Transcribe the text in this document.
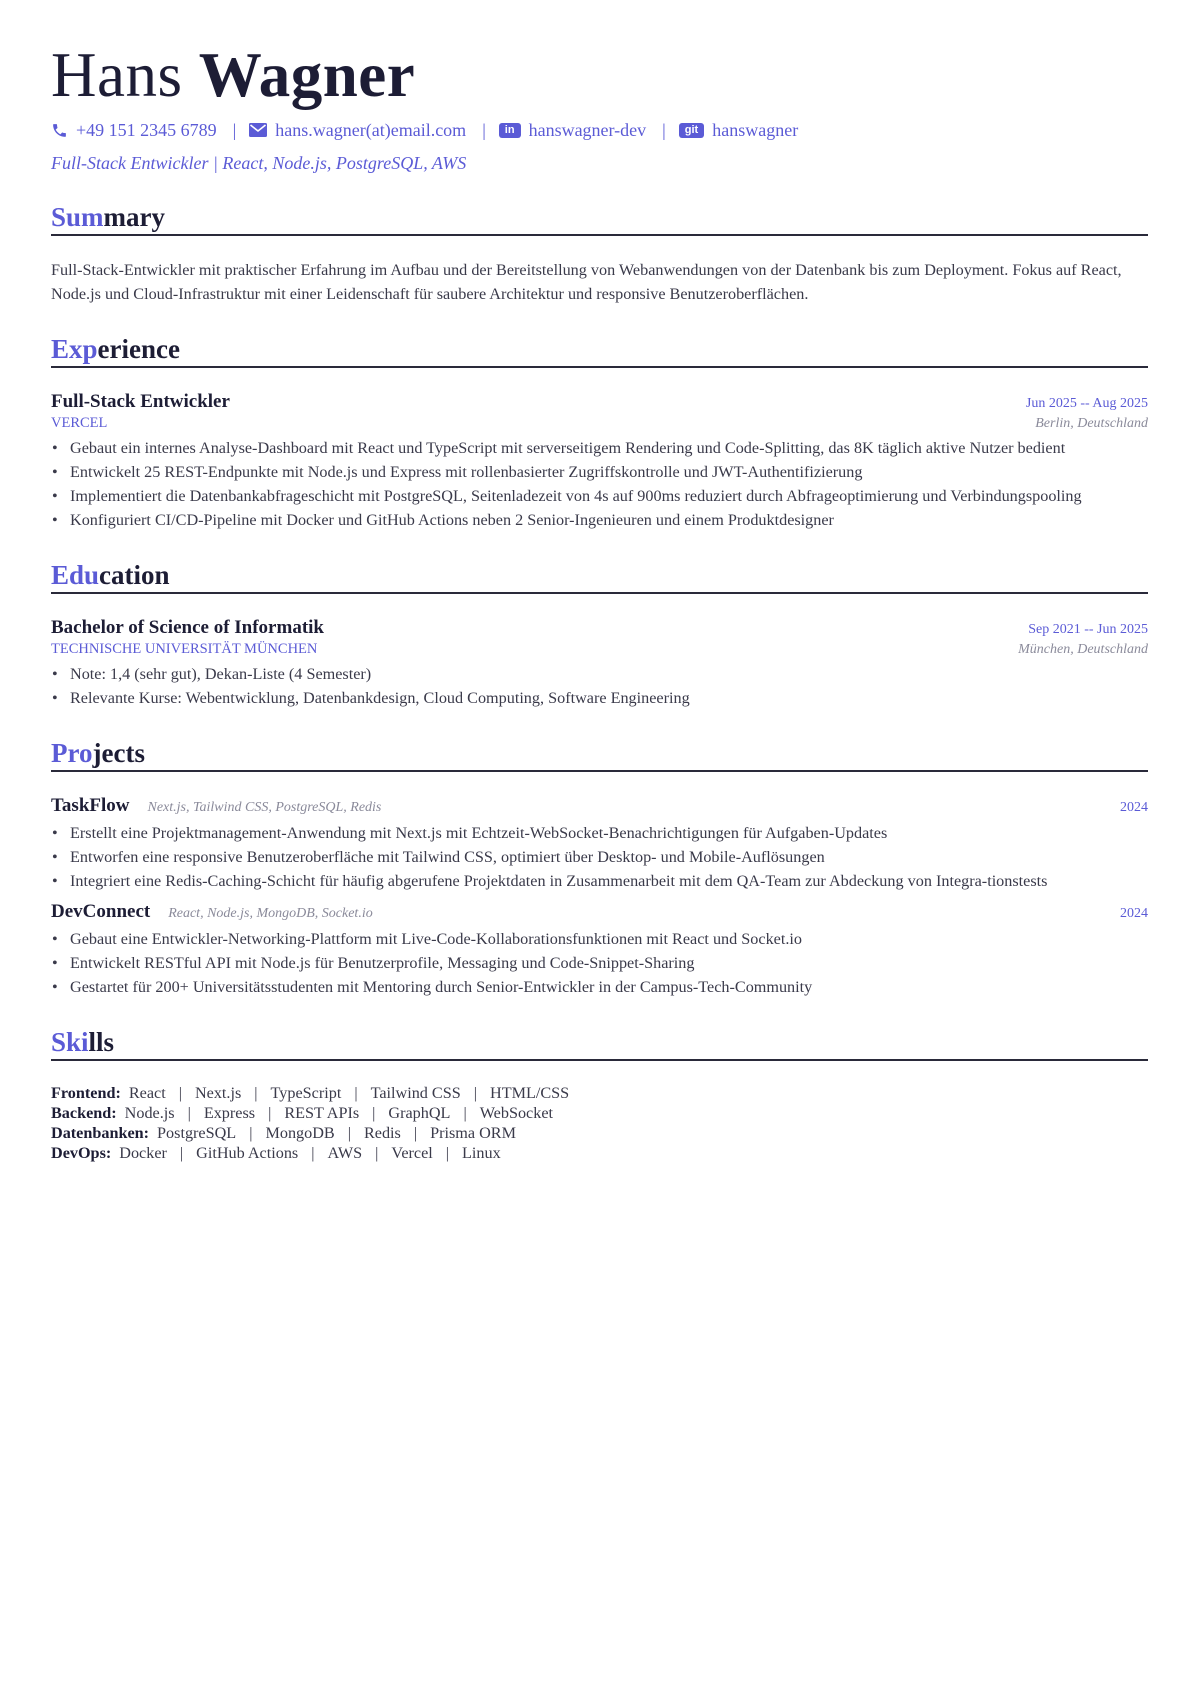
Hans Wagner
+49 151 2345 6789 | hans.wagner(at)email.com |	in hanswagner-dev |	git hanswagner
Full-Stack Entwickler | React, Node.js, PostgreSQL, AWS
Summary
Full-Stack-Entwickler mit praktischer Erfahrung im Aufbau und der Bereitstellung von Webanwendungen von der Datenbank bis zum Deployment. Fokus auf React, Node.js und Cloud-Infrastruktur mit einer Leidenschaft für saubere Architektur und responsive Benutzeroberflächen.
Experience
Full-Stack Entwickler	Jun 2025 -- Aug 2025
VERCEL	Berlin, Deutschland
• Gebaut ein internes Analyse-Dashboard mit React und TypeScript mit serverseitigem Rendering und Code-Splitting, das 8K täglich aktive Nutzer bedient
• Entwickelt 25 REST-Endpunkte mit Node.js und Express mit rollenbasierter Zugriffskontrolle und JWT-Authentifizierung
• Implementiert die Datenbankabfrageschicht mit PostgreSQL, Seitenladezeit von 4s auf 900ms reduziert durch Abfrageoptimierung und Verbindungspooling
• Konfiguriert CI/CD-Pipeline mit Docker und GitHub Actions neben 2 Senior-Ingenieuren und einem Produktdesigner
Education
Bachelor of Science of Informatik	Sep 2021 -- Jun 2025
TECHNISCHE UNIVERSITÄT MÜNCHEN	München, Deutschland
• Note: 1,4 (sehr gut), Dekan-Liste (4 Semester)
• Relevante Kurse: Webentwicklung, Datenbankdesign, Cloud Computing, Software Engineering
Projects
TaskFlow Next.js, Tailwind CSS, PostgreSQL, Redis	2024
• Erstellt eine Projektmanagement-Anwendung mit Next.js mit Echtzeit-WebSocket-Benachrichtigungen für Aufgaben-Updates
• Entworfen eine responsive Benutzeroberfläche mit Tailwind CSS, optimiert über Desktop- und Mobile-Auflösungen
• Integriert eine Redis-Caching-Schicht für häufig abgerufene Projektdaten in Zusammenarbeit mit dem QA-Team zur Abdeckung von Integra-tionstests
DevConnect React, Node.js, MongoDB, Socket.io	2024
• Gebaut eine Entwickler-Networking-Plattform mit Live-Code-Kollaborationsfunktionen mit React und Socket.io
• Entwickelt RESTful API mit Node.js für Benutzerprofile, Messaging und Code-Snippet-Sharing
• Gestartet für 200+ Universitätsstudenten mit Mentoring durch Senior-Entwickler in der Campus-Tech-Community
Skills
Frontend: React | Next.js | TypeScript | Tailwind CSS | HTML/CSS
Backend: Node.js | Express | REST APIs | GraphQL | WebSocket
Datenbanken: PostgreSQL | MongoDB | Redis | Prisma ORM
DevOps: Docker | GitHub Actions | AWS | Vercel | Linux
